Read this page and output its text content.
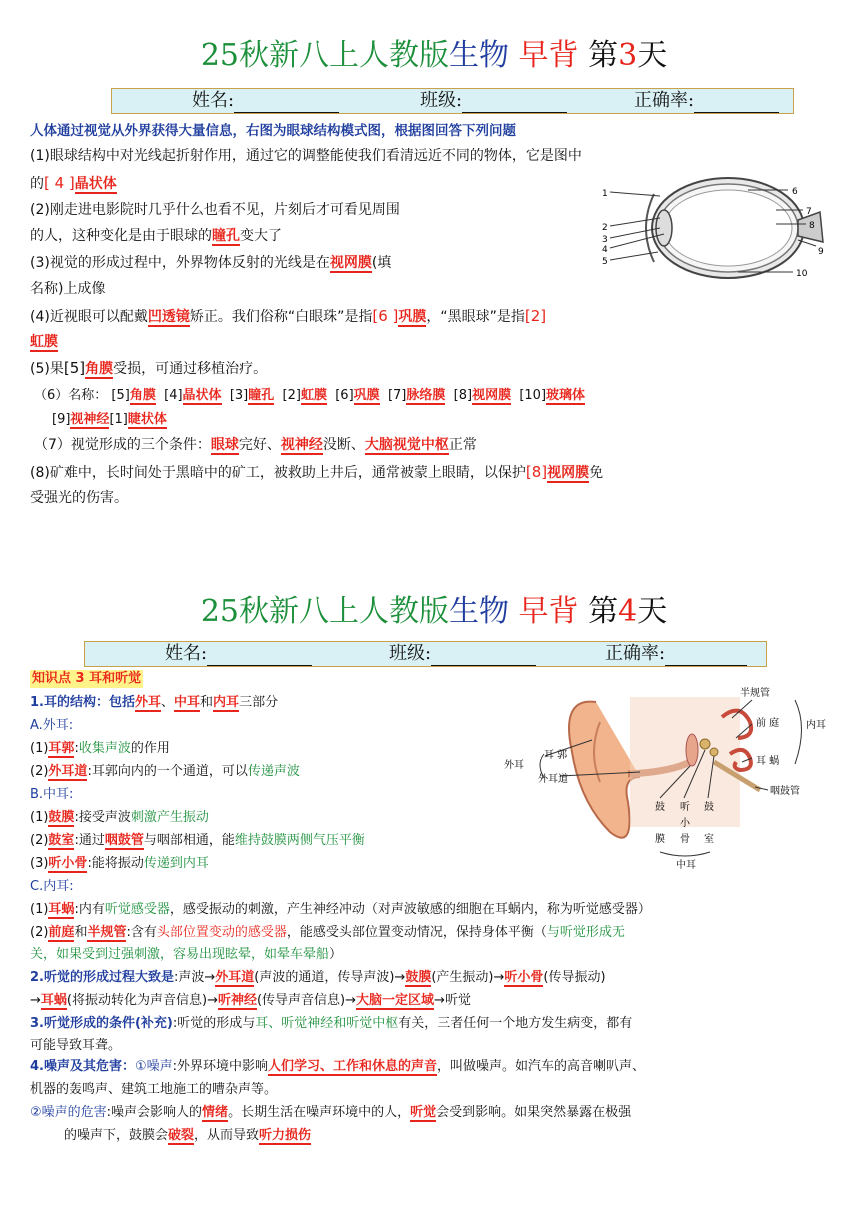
25秋新八上人教版生物 早背 第3天
姓名:	班级:	正确率:
人体通过视觉从外界获得大量信息，右图为眼球结构模式图，根据图回答下列问题
(1)眼球结构中对光线起折射作用，通过它的调整能使我们看清远近不同的物体，它是图中
的[ 4 ]晶状体
(2)刚走进电影院时几乎什么也看不见，片刻后才可看见周围
的人，这种变化是由于眼球的瞳孔变大了
(3)视觉的形成过程中，外界物体反射的光线是在视网膜(填
名称)上成像
(4)近视眼可以配戴凹透镜矫正。我们俗称“白眼珠”是指[6 ]巩膜，“黑眼球”是指[2]
虹膜
(5)果[5]角膜受损，可通过移植治疗。
（6）名称： [5]角膜 [4]晶状体 [3]瞳孔 [2]虹膜 [6]巩膜 [7]脉络膜 [8]视网膜 [10]玻璃体
[9]视神经[1]睫状体
（7）视觉形成的三个条件：眼球完好、视神经没断、大脑视觉中枢正常
(8)矿难中，长时间处于黑暗中的矿工，被救助上井后，通常被蒙上眼睛，以保护[8]视网膜免
受强光的伤害。
1
2
3
4
5
6
7
8
9
10
25秋新八上人教版生物 早背 第4天
姓名:	班级:	正确率:
知识点 3 耳和听觉
1.耳的结构：包括外耳、中耳和内耳三部分
A.外耳:
(1)耳郭:收集声波的作用
(2)外耳道:耳郭向内的一个通道，可以传递声波
B.中耳:
(1)鼓膜:接受声波刺激产生振动
(2)鼓室:通过咽鼓管与咽部相通，能维持鼓膜两侧气压平衡
(3)听小骨:能将振动传递到内耳
C.内耳:
(1)耳蜗:内有听觉感受器，感受振动的刺激，产生神经冲动（对声波敏感的细胞在耳蜗内，称为听觉感受器）
(2)前庭和半规管:含有头部位置变动的感受器，能感受头部位置变动情况，保持身体平衡（与听觉形成无
关，如果受到过强刺激，容易出现眩晕，如晕车晕船）
2.听觉的形成过程大致是:声波→外耳道(声波的通道，传导声波)→鼓膜(产生振动)→听小骨(传导振动)
→耳蜗(将振动转化为声音信息)→听神经(传导声音信息)→大脑一定区域→听觉
3.听觉形成的条件(补充):听觉的形成与耳、听觉神经和听觉中枢有关，三者任何一个地方发生病变，都有
可能导致耳聋。
4.噪声及其危害：①噪声:外界环境中影响人们学习、工作和休息的声音，叫做噪声。如汽车的高音喇叭声、
机器的轰鸣声、建筑工地施工的嘈杂声等。
②噪声的危害:噪声会影响人的情绪。长期生活在噪声环境中的人，听觉会受到影响。如果突然暴露在极强
的噪声下，鼓膜会破裂，从而导致听力损伤
外耳
耳 郭
外耳道
半规管
前 庭
耳 蜗
内耳
咽鼓管
鼓
膜
听
小
骨
鼓
室
中耳
